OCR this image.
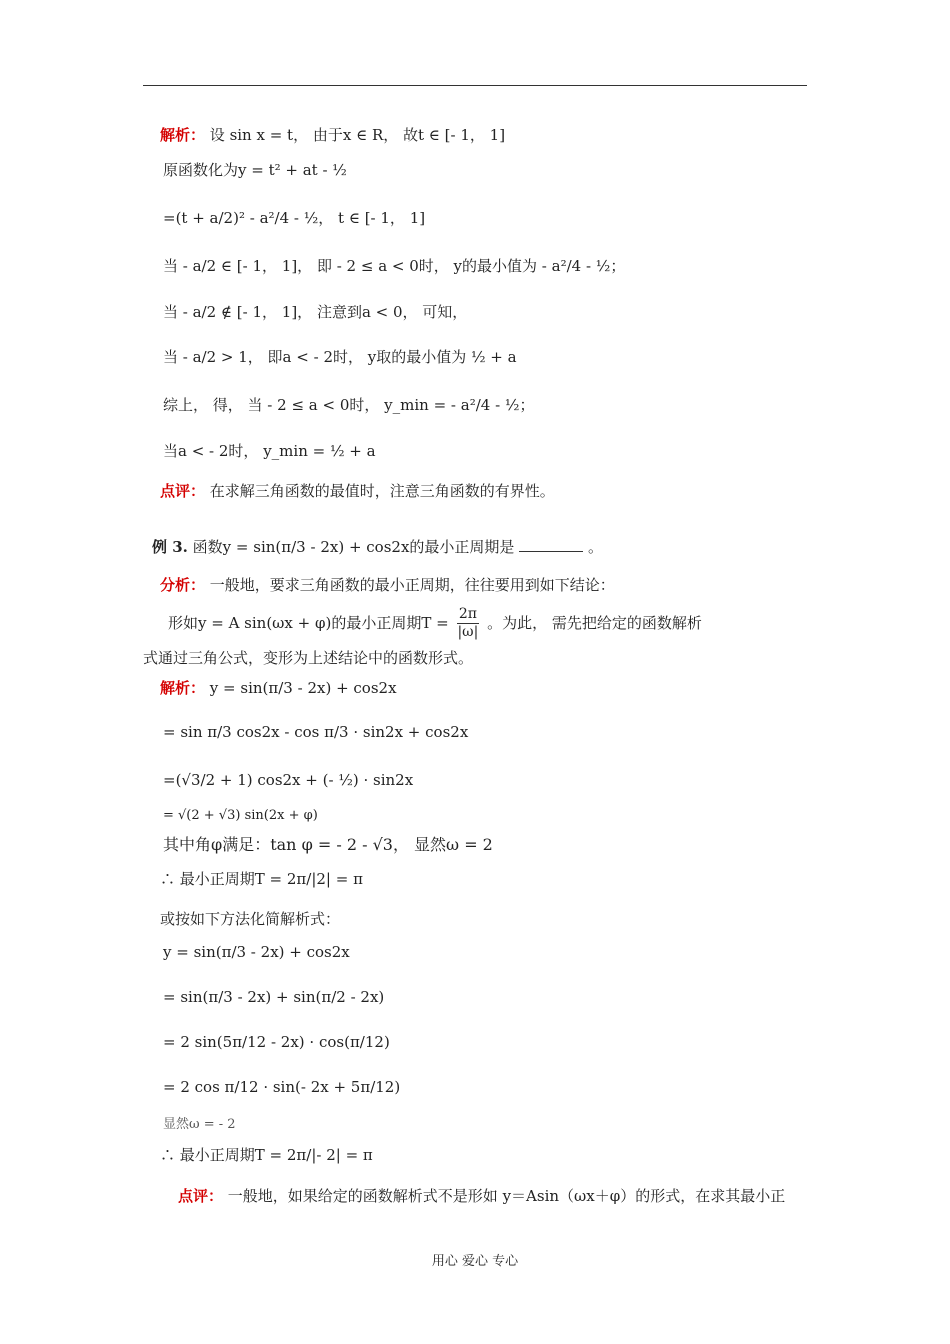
解析： 设 sin x = t， 由于x ∈ R， 故t ∈ [- 1， 1]
原函数化为y = t² + at - ½
=(t + a/2)² - a²/4 - ½， t ∈ [- 1， 1]
当 - a/2 ∈ [- 1， 1]， 即 - 2 ≤ a < 0时， y的最小值为 - a²/4 - ½；
当 - a/2 ∉ [- 1， 1]， 注意到a < 0， 可知，
当 - a/2 > 1， 即a < - 2时， y取的最小值为 ½ + a
综上， 得， 当 - 2 ≤ a < 0时， y_min = - a²/4 - ½；
当a < - 2时， y_min = ½ + a
点评： 在求解三角函数的最值时，注意三角函数的有界性。
例 3. 函数y = sin(π/3 - 2x) + cos2x的最小正周期是	。
分析： 一般地，要求三角函数的最小正周期，往往要用到如下结论：
形如y = A sin(ωx + φ)的最小正周期$T = \frac{2\pi}{|\omega|}$ 。为此， 需先把给定的函数解析
式通过三角公式，变形为上述结论中的函数形式。
解析： y = sin(π/3 - 2x) + cos2x
= sin π/3 cos2x - cos π/3 · sin2x + cos2x
=(√3/2 + 1) cos2x + (- ½) · sin2x
= √(2 + √3) sin(2x + φ)
其中角φ满足：tan φ = - 2 - √3， 显然ω = 2
∴ 最小正周期T = 2π/|2| = π
或按如下方法化简解析式：
y = sin(π/3 - 2x) + cos2x
= sin(π/3 - 2x) + sin(π/2 - 2x)
= 2 sin(5π/12 - 2x) · cos(π/12)
= 2 cos π/12 · sin(- 2x + 5π/12)
显然ω = - 2
∴ 最小正周期T = 2π/|- 2| = π
点评： 一般地，如果给定的函数解析式不是形如 y＝Asin（ωx＋φ）的形式，在求其最小正
用心 爱心 专心
